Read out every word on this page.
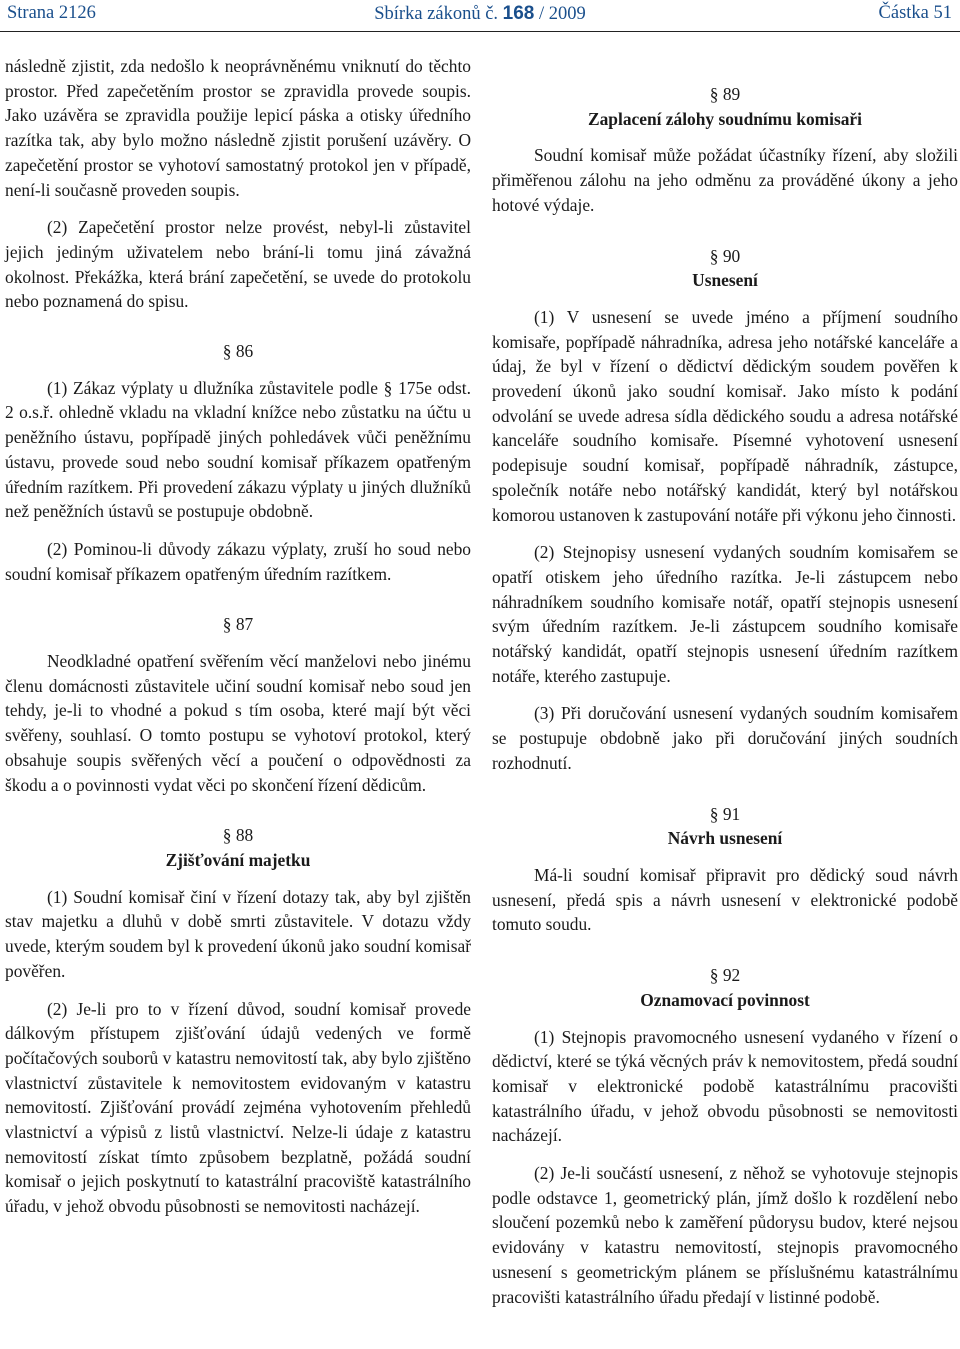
Strana 2126	Sbírka zákonů č. 168 / 2009	Částka 51

následně zjistit, zda nedošlo k neoprávněnému vniknutí do těchto prostor. Před zapečetěním prostor se zpravidla provede soupis. Jako uzávěra se zpravidla použije lepicí páska a otisky úředního razítka tak, aby bylo možno následně zjistit porušení uzávěry. O zapečetění prostor se vyhotoví samostatný protokol jen v případě, není-li současně proveden soupis.

(2) Zapečetění prostor nelze provést, nebyl-li zůstavitel jejich jediným uživatelem nebo brání-li tomu jiná závažná okolnost. Překážka, která brání zapečetění, se uvede do protokolu nebo poznamená do spisu.

§ 86

(1) Zákaz výplaty u dlužníka zůstavitele podle § 175e odst. 2 o.s.ř. ohledně vkladu na vkladní knížce nebo zůstatku na účtu u peněžního ústavu, popřípadě jiných pohledávek vůči peněžnímu ústavu, provede soud nebo soudní komisař příkazem opatřeným úředním razítkem. Při provedení zákazu výplaty u jiných dlužníků než peněžních ústavů se postupuje obdobně.

(2) Pominou-li důvody zákazu výplaty, zruší ho soud nebo soudní komisař příkazem opatřeným úředním razítkem.

§ 87

Neodkladné opatření svěřením věcí manželovi nebo jinému členu domácnosti zůstavitele učiní soudní komisař nebo soud jen tehdy, je-li to vhodné a pokud s tím osoba, které mají být věci svěřeny, souhlasí. O tomto postupu se vyhotoví protokol, který obsahuje soupis svěřených věcí a poučení o odpovědnosti za škodu a o povinnosti vydat věci po skončení řízení dědicům.

§ 88

Zjišťování majetku

(1) Soudní komisař činí v řízení dotazy tak, aby byl zjištěn stav majetku a dluhů v době smrti zůstavitele. V dotazu vždy uvede, kterým soudem byl k provedení úkonů jako soudní komisař pověřen.

(2) Je-li pro to v řízení důvod, soudní komisař provede dálkovým přístupem zjišťování údajů vedených ve formě počítačových souborů v katastru nemovitostí tak, aby bylo zjištěno vlastnictví zůstavitele k nemovitostem evidovaným v katastru nemovitostí. Zjišťování provádí zejména vyhotovením přehledů vlastnictví a výpisů z listů vlastnictví. Nelze-li údaje z katastru nemovitostí získat tímto způsobem bezplatně, požádá soudní komisař o jejich poskytnutí to katastrální pracoviště katastrálního úřadu, v jehož obvodu působnosti se nemovitosti nacházejí.

§ 89

Zaplacení zálohy soudnímu komisaři

Soudní komisař může požádat účastníky řízení, aby složili přiměřenou zálohu na jeho odměnu za prováděné úkony a jeho hotové výdaje.

§ 90

Usnesení

(1) V usnesení se uvede jméno a příjmení soudního komisaře, popřípadě náhradníka, adresa jeho notářské kanceláře a údaj, že byl v řízení o dědictví dědickým soudem pověřen k provedení úkonů jako soudní komisař. Jako místo k podání odvolání se uvede adresa sídla dědického soudu a adresa notářské kanceláře soudního komisaře. Písemné vyhotovení usnesení podepisuje soudní komisař, popřípadě náhradník, zástupce, společník notáře nebo notářský kandidát, který byl notářskou komorou ustanoven k zastupování notáře při výkonu jeho činnosti.

(2) Stejnopisy usnesení vydaných soudním komisařem se opatří otiskem jeho úředního razítka. Je-li zástupcem nebo náhradníkem soudního komisaře notář, opatří stejnopis usnesení svým úředním razítkem. Je-li zástupcem soudního komisaře notářský kandidát, opatří stejnopis usnesení úředním razítkem notáře, kterého zastupuje.

(3) Při doručování usnesení vydaných soudním komisařem se postupuje obdobně jako při doručování jiných soudních rozhodnutí.

§ 91

Návrh usnesení

Má-li soudní komisař připravit pro dědický soud návrh usnesení, předá spis a návrh usnesení v elektronické podobě tomuto soudu.

§ 92

Oznamovací povinnost

(1) Stejnopis pravomocného usnesení vydaného v řízení o dědictví, které se týká věcných práv k nemovitostem, předá soudní komisař v elektronické podobě katastrálnímu pracovišti katastrálního úřadu, v jehož obvodu působnosti se nemovitosti nacházejí.

(2) Je-li součástí usnesení, z něhož se vyhotovuje stejnopis podle odstavce 1, geometrický plán, jímž došlo k rozdělení nebo sloučení pozemků nebo k zaměření půdorysu budov, které nejsou evidovány v katastru nemovitostí, stejnopis pravomocného usnesení s geometrickým plánem se příslušnému katastrálnímu pracovišti katastrálního úřadu předají v listinné podobě.
